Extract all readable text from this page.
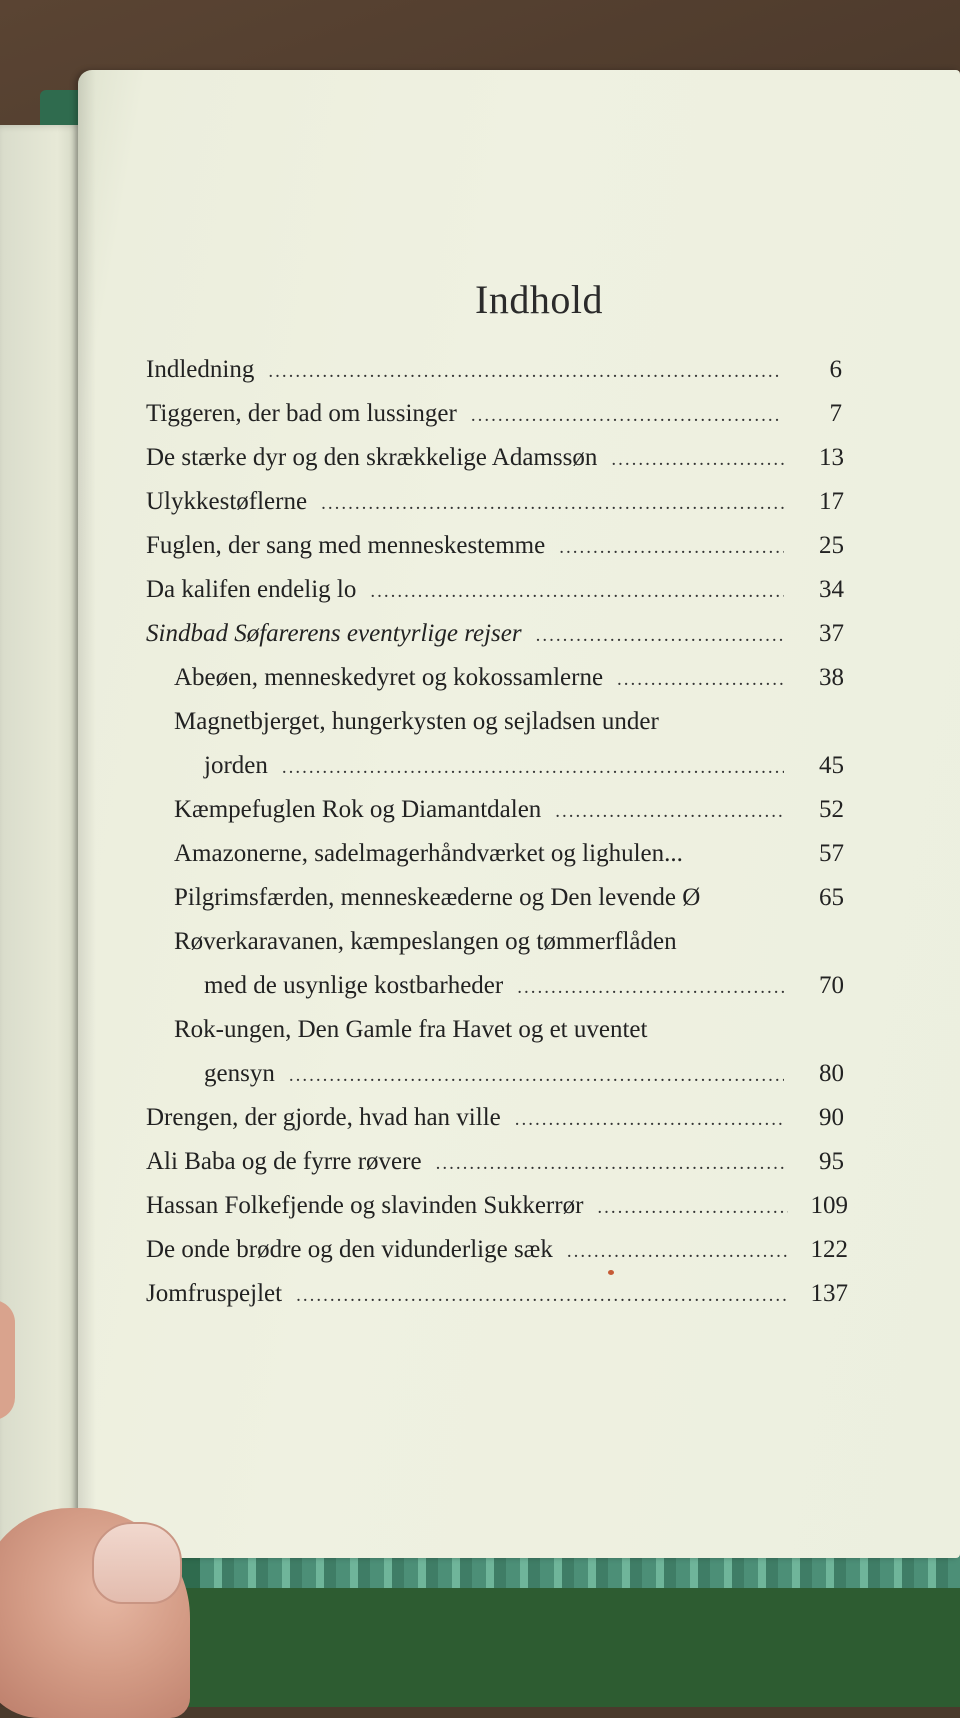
Indhold
Indledning .....	6
Tiggeren, der bad om lussinger .....	7
De stærke dyr og den skrækkelige Adamssøn .....	13
Ulykkestøflerne .....	17
Fuglen, der sang med menneskestemme .....	25
Da kalifen endelig lo .....	34
Sindbad Søfarerens eventyrlige rejser .....	37
Abeøen, menneskedyret og kokossamlerne .....	38
Magnetbjerget, hungerkysten og sejladsen under
jorden .....	45
Kæmpefuglen Rok og Diamantdalen .....	52
Amazonerne, sadelmagerhåndværket og lighulen...	57
Pilgrimsfærden, menneskeæderne og Den levende Ø	65
Røverkaravanen, kæmpeslangen og tømmerflåden
med de usynlige kostbarheder .....	70
Rok-ungen, Den Gamle fra Havet og et uventet
gensyn .....	80
Drengen, der gjorde, hvad han ville .....	90
Ali Baba og de fyrre røvere .....	95
Hassan Folkefjende og slavinden Sukkerrør .....	109
De onde brødre og den vidunderlige sæk .....	122
Jomfruspejlet .....	137
